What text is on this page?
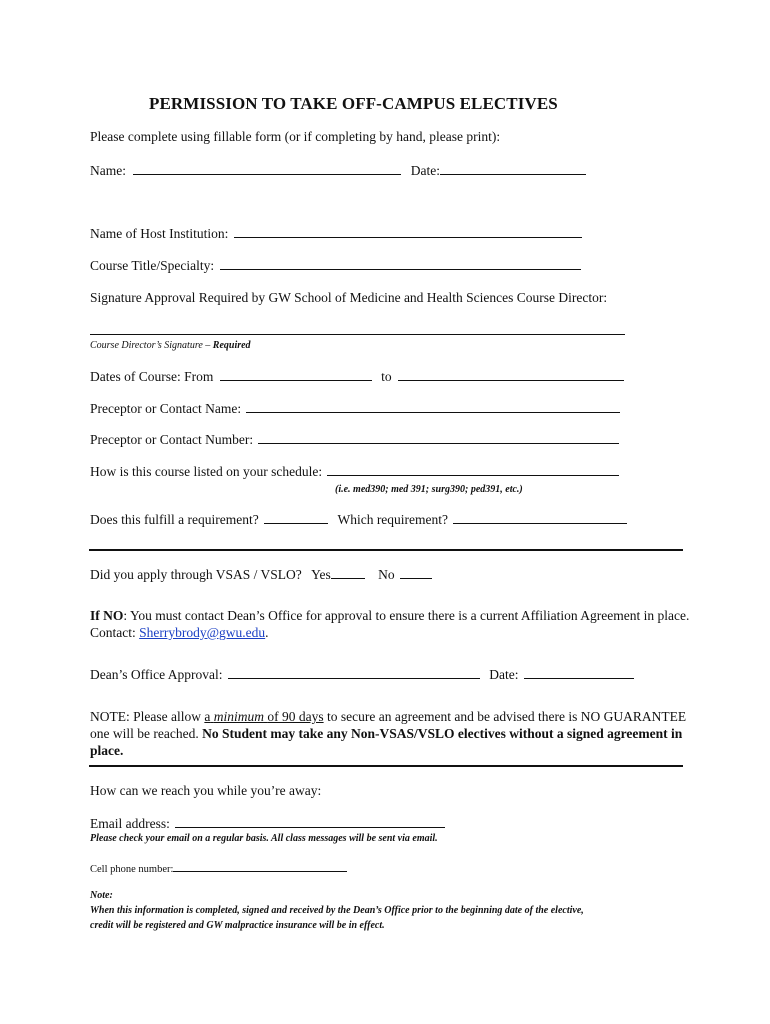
PERMISSION TO TAKE OFF-CAMPUS ELECTIVES
Please complete using fillable form (or if completing by hand, please print):
Name:	Date:
Name of Host Institution:
Course Title/Specialty:
Signature Approval Required by GW School of Medicine and Health Sciences Course Director:
Course Director’s Signature – Required
Dates of Course: From	to
Preceptor or Contact Name:
Preceptor or Contact Number:
How is this course listed on your schedule:
(i.e. med390; med 391; surg390; ped391, etc.)
Does this fulfill a requirement?	Which requirement?
Did you apply through VSAS / VSLO? Yes	No
If NO: You must contact Dean’s Office for approval to ensure there is a current Affiliation Agreement in place. Contact: Sherrybrody@gwu.edu.
Dean’s Office Approval:	Date:
NOTE: Please allow a minimum of 90 days to secure an agreement and be advised there is NO GUARANTEE one will be reached. No Student may take any Non-VSAS/VSLO electives without a signed agreement in place.
How can we reach you while you’re away:
Email address:
Please check your email on a regular basis. All class messages will be sent via email.
Cell phone number:
Note:
When this information is completed, signed and received by the Dean’s Office prior to the beginning date of the elective,
credit will be registered and GW malpractice insurance will be in effect.
